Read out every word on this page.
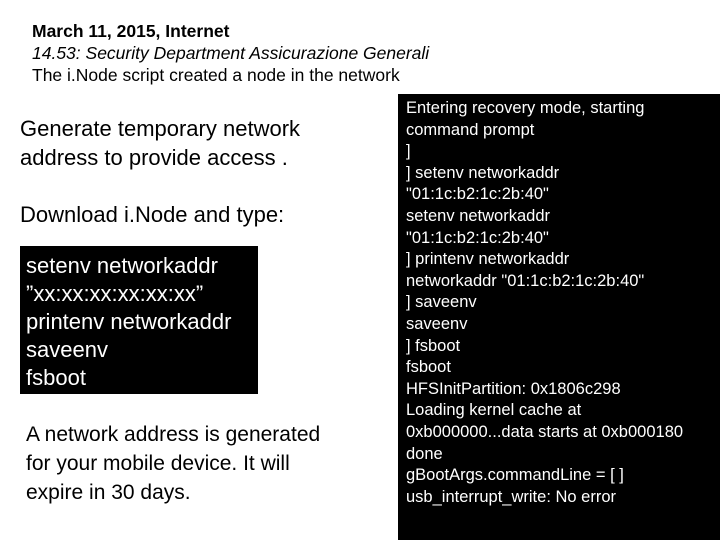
March 11, 2015, Internet
14.53: Security Department Assicurazione Generali
The i.Node script created a node in the network
Generate temporary network
address to provide access .
Download i.Node and type:
setenv networkaddr
”xx:xx:xx:xx:xx:xx”
printenv networkaddr
saveenv
fsboot
A network address is generated
for your mobile device. It will
expire in 30 days.
Entering recovery mode, starting
command prompt
]
] setenv networkaddr
"01:1c:b2:1c:2b:40"
setenv networkaddr
"01:1c:b2:1c:2b:40"
] printenv networkaddr
networkaddr "01:1c:b2:1c:2b:40"
] saveenv
saveenv
] fsboot
fsboot
HFSInitPartition: 0x1806c298
Loading kernel cache at
0xb000000...data starts at 0xb000180
done
gBootArgs.commandLine = [ ]
usb_interrupt_write: No error
